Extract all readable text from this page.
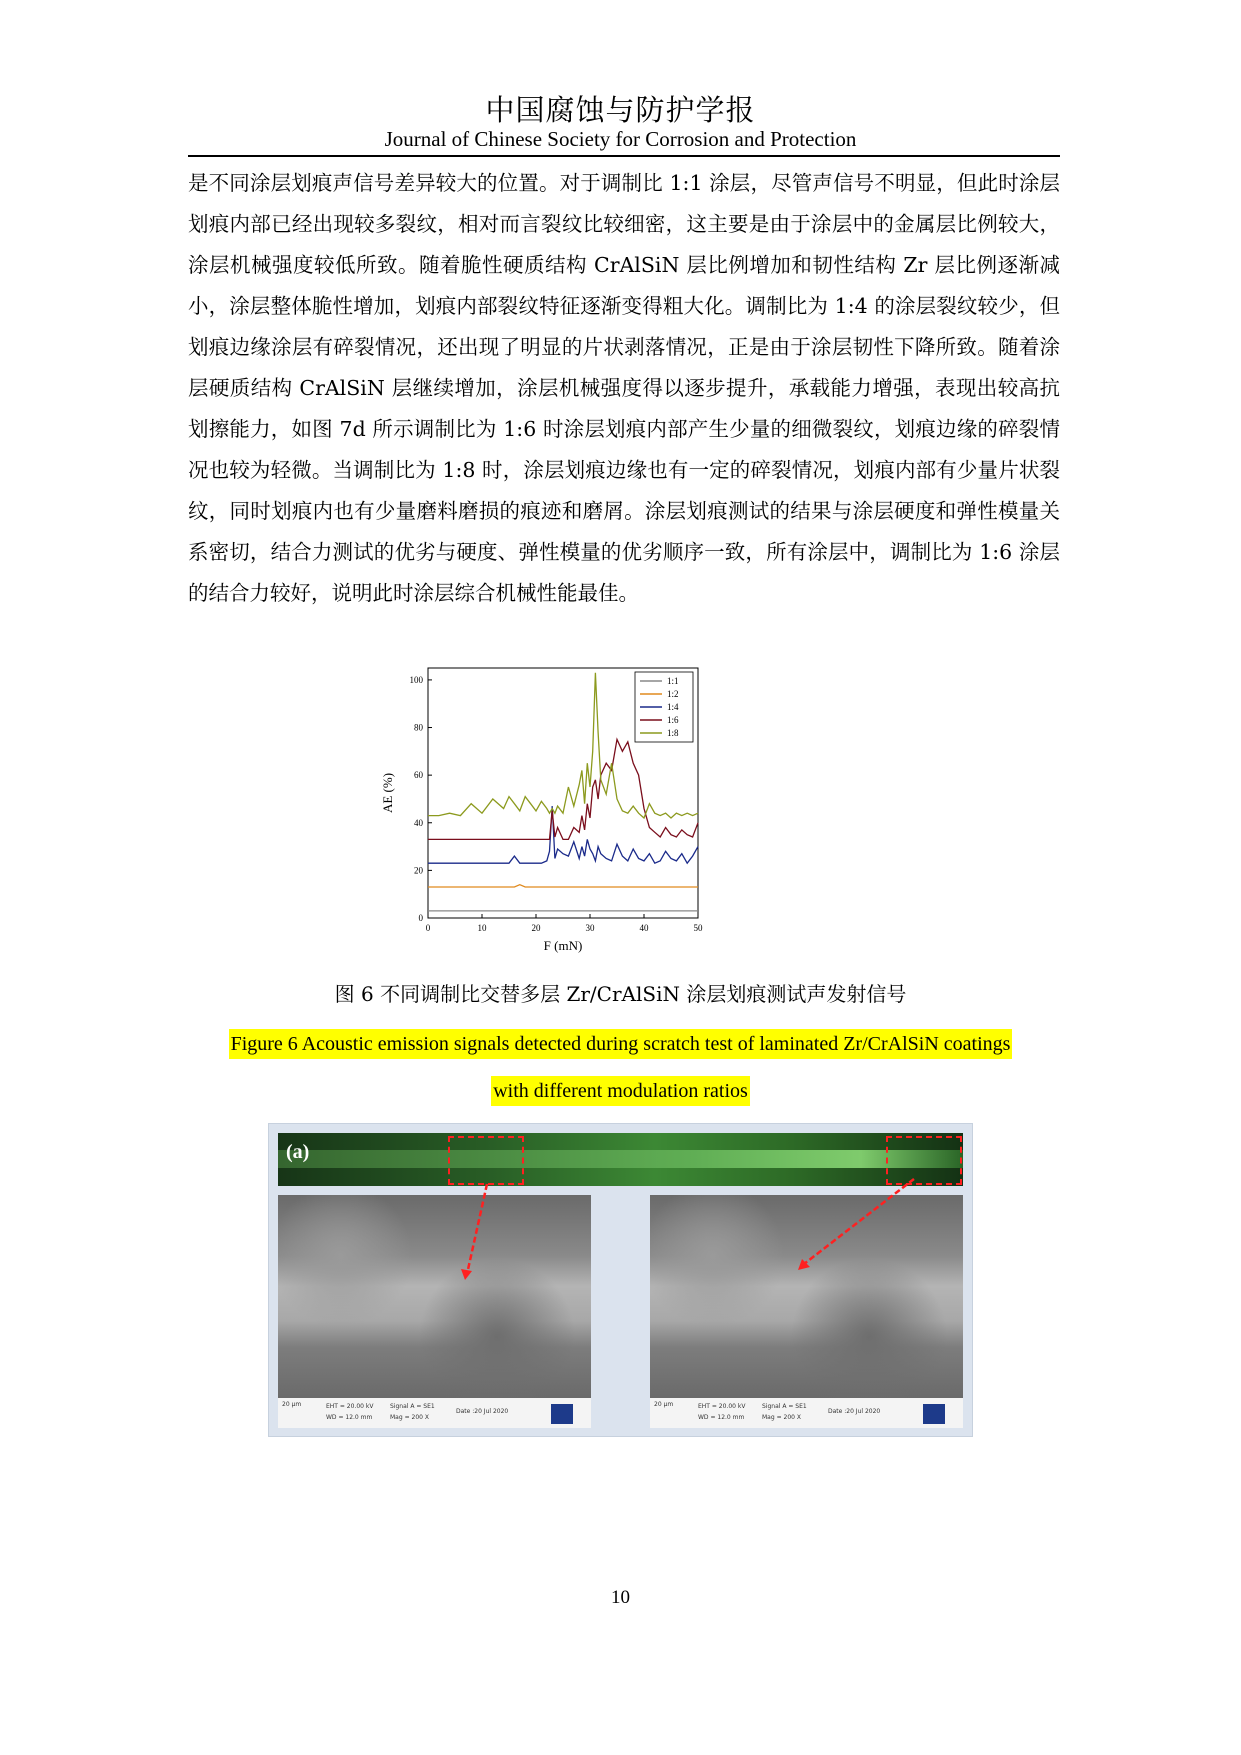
中国腐蚀与防护学报
Journal of Chinese Society for Corrosion and Protection

是不同涂层划痕声信号差异较大的位置。对于调制比 1:1 涂层，尽管声信号不明显，但此时涂层划痕内部已经出现较多裂纹，相对而言裂纹比较细密，这主要是由于涂层中的金属层比例较大，涂层机械强度较低所致。随着脆性硬质结构 CrAlSiN 层比例增加和韧性结构 Zr 层比例逐渐减小，涂层整体脆性增加，划痕内部裂纹特征逐渐变得粗大化。调制比为 1:4 的涂层裂纹较少，但划痕边缘涂层有碎裂情况，还出现了明显的片状剥落情况，正是由于涂层韧性下降所致。随着涂层硬质结构 CrAlSiN 层继续增加，涂层机械强度得以逐步提升，承载能力增强，表现出较高抗划擦能力，如图 7d 所示调制比为 1:6 时涂层划痕内部产生少量的细微裂纹，划痕边缘的碎裂情况也较为轻微。当调制比为 1:8 时，涂层划痕边缘也有一定的碎裂情况，划痕内部有少量片状裂纹，同时划痕内也有少量磨料磨损的痕迹和磨屑。涂层划痕测试的结果与涂层硬度和弹性模量关系密切，结合力测试的优劣与硬度、弹性模量的优劣顺序一致，所有涂层中，调制比为 1:6 涂层的结合力较好，说明此时涂层综合机械性能最佳。

0
20
40
60
80
100
0	10	20	30	40	50
F (mN)
AE (%)
1:1
1:2
1:4
1:6
1:8
图 6 不同调制比交替多层 Zr/CrAlSiN 涂层划痕测试声发射信号
Figure 6 Acoustic emission signals detected during scratch test of laminated Zr/CrAlSiN coatings
with different modulation ratios
(a)
20 µm	EHT = 20.00 kV
WD = 12.0 mm
Signal A = SE1
Mag = 200 X
Date :20 Jul 2020
20 µm	EHT = 20.00 kV
WD = 12.0 mm
Signal A = SE1
Mag = 200 X
Date :20 Jul 2020
10
